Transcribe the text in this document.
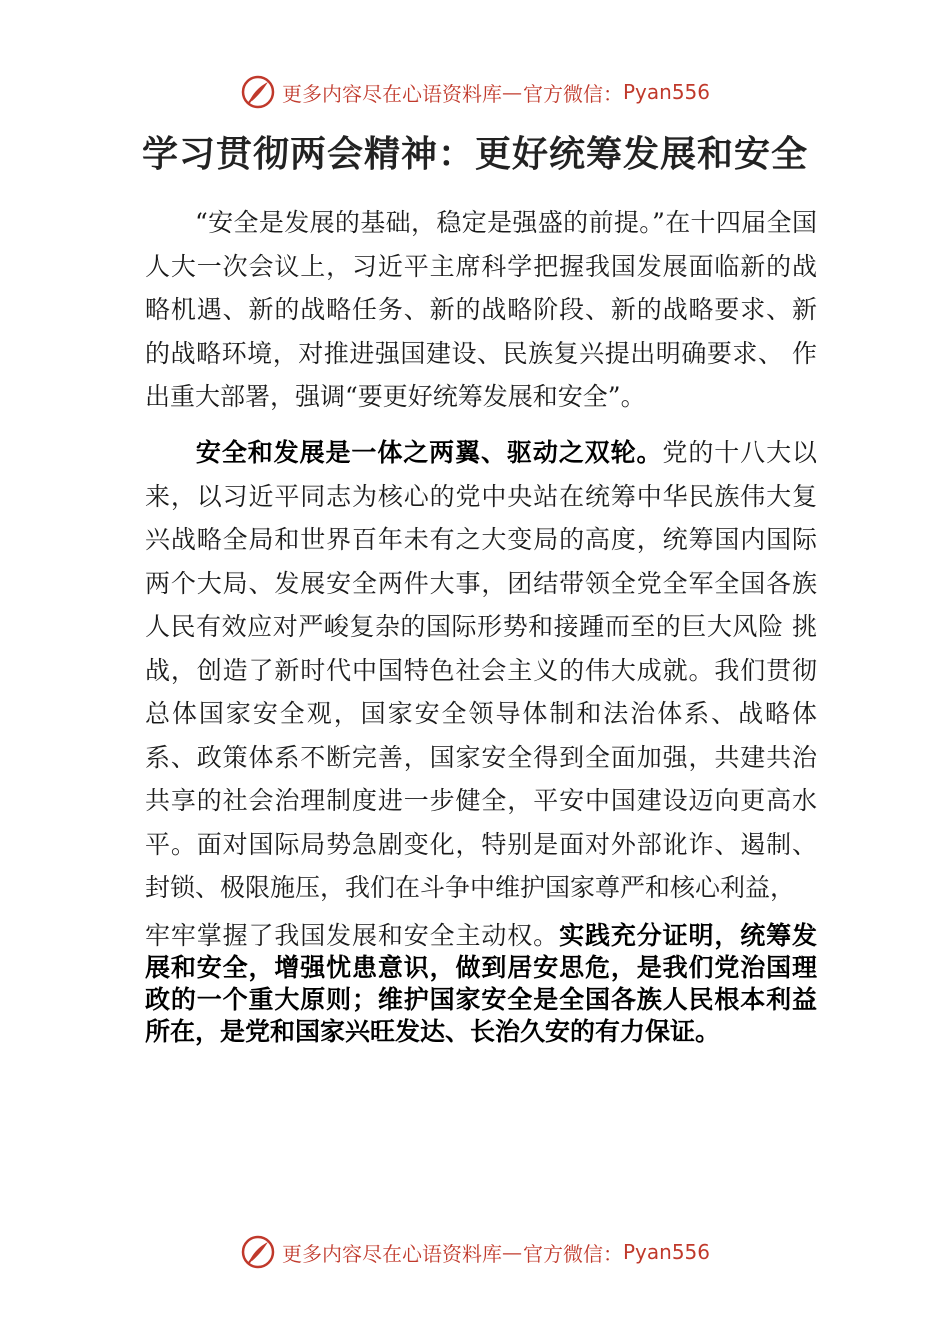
更多内容尽在心语资料库 — 官方微信： Pyan556
学习贯彻两会精神：更好统筹发展和安全

“安全是发展的基础，稳定是强盛的前提。”在十四届全国人大一次会议上，习近平主席科学把握我国发展面临新的战略机遇、新的战略任务、新的战略阶段、新的战略要求、新的战略环境，对推进强国建设、民族复兴提出明确要求、 作出重大部署，强调“要更好统筹发展和安全”。

安全和发展是一体之两翼、驱动之双轮。党的十八大以来，以习近平同志为核心的党中央站在统筹中华民族伟大复兴战略全局和世界百年未有之大变局的高度，统筹国内国际两个大局、发展安全两件大事，团结带领全党全军全国各族人民有效应对严峻复杂的国际形势和接踵而至的巨大风险 挑战，创造了新时代中国特色社会主义的伟大成就。我们贯彻总体国家安全观，国家安全领导体制和法治体系、战略体系、政策体系不断完善，国家安全得到全面加强，共建共治共享的社会治理制度进一步健全，平安中国建设迈向更高水平。面对国际局势急剧变化，特别是面对外部讹诈、遏制、 封锁、极限施压，我们在斗争中维护国家尊严和核心利益，

牢牢掌握了我国发展和安全主动权。实践充分证明，统筹发展和安全，增强忧患意识，做到居安思危，是我们党治国理政的一个重大原则；维护国家安全是全国各族人民根本利益所在，是党和国家兴旺发达、长治久安的有力保证。

更多内容尽在心语资料库 — 官方微信： Pyan556
